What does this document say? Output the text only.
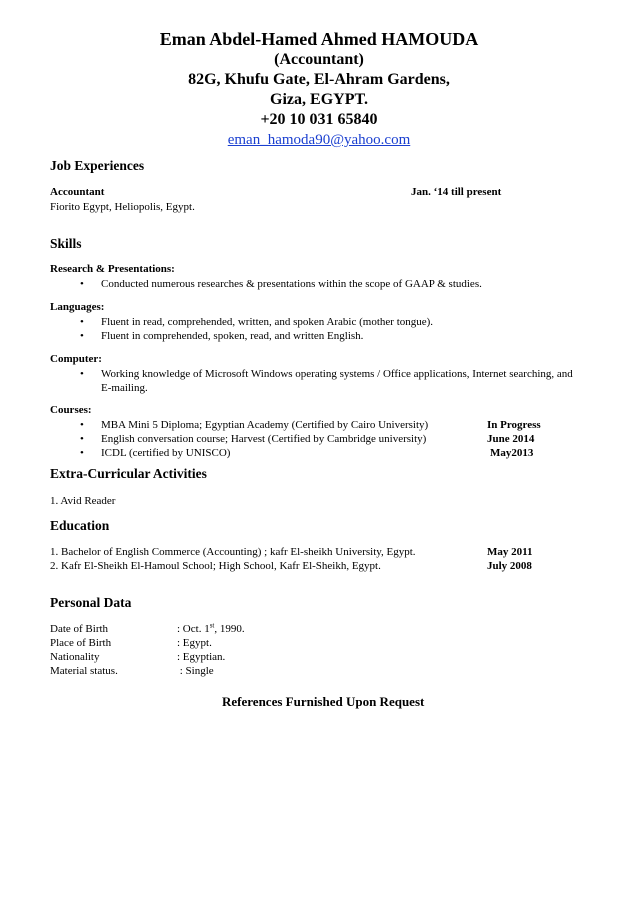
Eman Abdel-Hamed Ahmed HAMOUDA
(Accountant)
82G, Khufu Gate, El-Ahram Gardens,
Giza, EGYPT.
+20 10 031 65840
eman_hamoda90@yahoo.com
Job Experiences
Accountant	Jan. ‘14 till present
Fiorito Egypt, Heliopolis, Egypt.
Skills
Research & Presentations:
• Conducted numerous researches & presentations within the scope of GAAP & studies.
Languages:
• Fluent in read, comprehended, written, and spoken Arabic (mother tongue).
• Fluent in comprehended, spoken, read, and written English.
Computer:
• Working knowledge of Microsoft Windows operating systems / Office applications, Internet searching, and E-mailing.
Courses:
• MBA Mini 5 Diploma; Egyptian Academy (Certified by Cairo University)	In Progress
• English conversation course; Harvest (Certified by Cambridge university)	June 2014
• ICDL (certified by UNISCO)	May2013
Extra-Curricular Activities
1. Avid Reader
Education
1. Bachelor of English Commerce (Accounting) ; kafr El-sheikh University, Egypt.	May 2011
2. Kafr El-Sheikh El-Hamoul School; High School, Kafr El-Sheikh, Egypt.	July 2008
Personal Data
Date of Birth	: Oct. 1st, 1990.
Place of Birth	: Egypt.
Nationality	: Egyptian.
Material status.	: Single
References Furnished Upon Request
